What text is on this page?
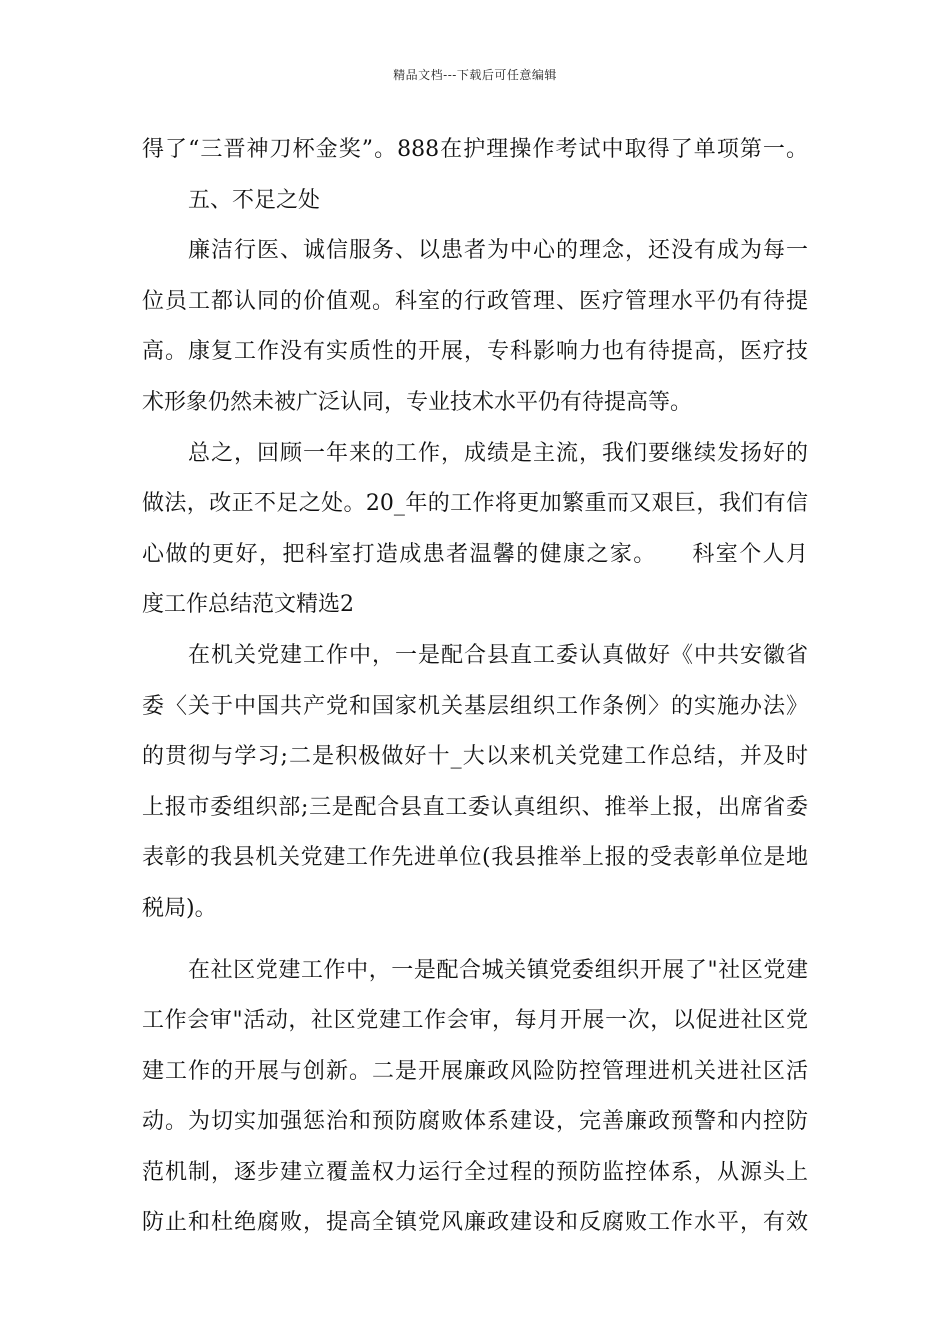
精品文档---下载后可任意编辑
得了“三晋神刀杯金奖”。888在护理操作考试中取得了单项第一。
五、不足之处
廉洁行医、诚信服务、以患者为中心的理念，还没有成为每一
位员工都认同的价值观。科室的行政管理、医疗管理水平仍有待提
高。康复工作没有实质性的开展，专科影响力也有待提高，医疗技
术形象仍然未被广泛认同，专业技术水平仍有待提高等。
总之，回顾一年来的工作，成绩是主流，我们要继续发扬好的
做法，改正不足之处。20_年的工作将更加繁重而又艰巨，我们有信
心做的更好，把科室打造成患者温馨的健康之家。　　科室个人月
度工作总结范文精选2
在机关党建工作中，一是配合县直工委认真做好《中共安徽省
委〈关于中国共产党和国家机关基层组织工作条例〉的实施办法》
的贯彻与学习;二是积极做好十_大以来机关党建工作总结，并及时
上报市委组织部;三是配合县直工委认真组织、推举上报，出席省委
表彰的我县机关党建工作先进单位(我县推举上报的受表彰单位是地
税局)。
在社区党建工作中，一是配合城关镇党委组织开展了"社区党建
工作会审"活动，社区党建工作会审，每月开展一次，以促进社区党
建工作的开展与创新。二是开展廉政风险防控管理进机关进社区活
动。为切实加强惩治和预防腐败体系建设，完善廉政预警和内控防
范机制，逐步建立覆盖权力运行全过程的预防监控体系，从源头上
防止和杜绝腐败，提高全镇党风廉政建设和反腐败工作水平，有效
